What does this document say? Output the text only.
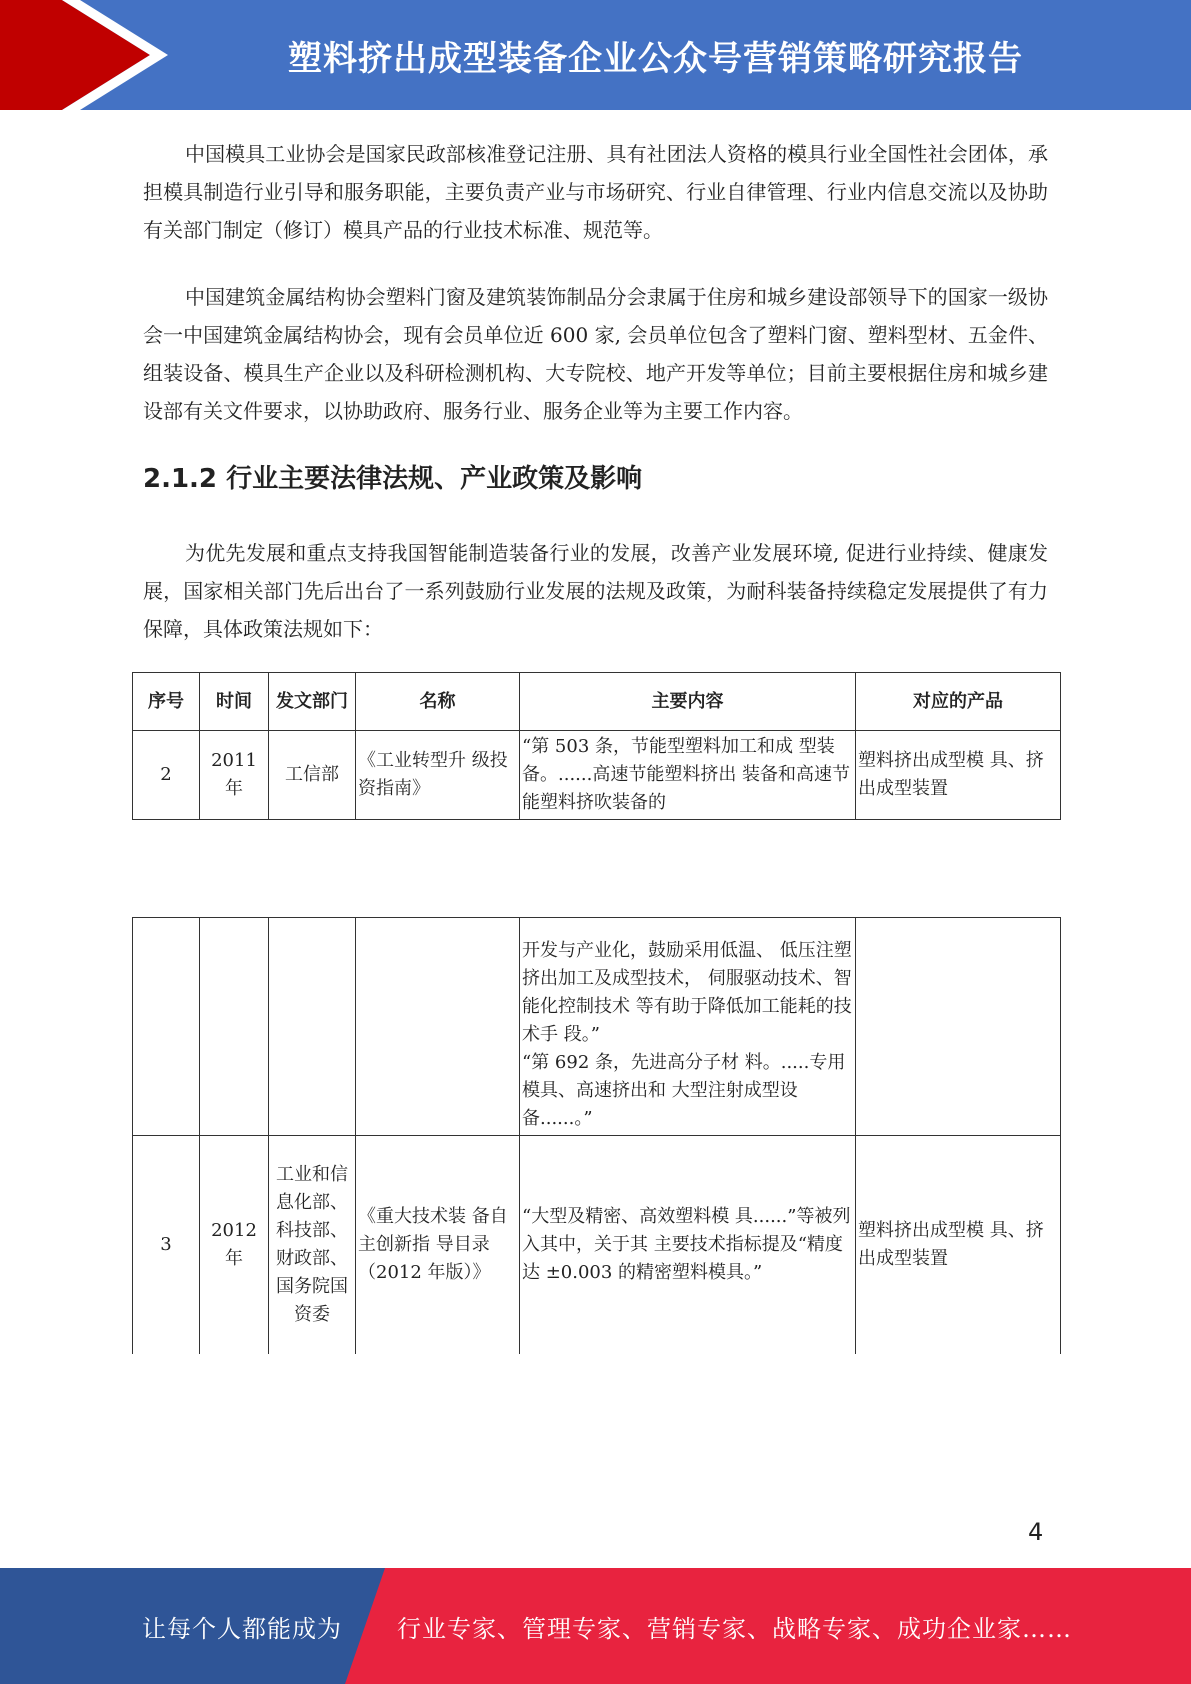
塑料挤出成型装备企业公众号营销策略研究报告

中国模具工业协会是国家民政部核准登记注册、具有社团法人资格的模具行业全国性社会团体，承担模具制造行业引导和服务职能，主要负责产业与市场研究、行业自律管理、行业内信息交流以及协助有关部门制定（修订）模具产品的行业技术标准、规范等。

中国建筑金属结构协会塑料门窗及建筑装饰制品分会隶属于住房和城乡建设部领导下的国家一级协会一中国建筑金属结构协会，现有会员单位近 600 家, 会员单位包含了塑料门窗、塑料型材、五金件、组装设备、模具生产企业以及科研检测机构、大专院校、地产开发等单位；目前主要根据住房和城乡建设部有关文件要求，以协助政府、服务行业、服务企业等为主要工作内容。

2.1.2 行业主要法律法规、产业政策及影响

为优先发展和重点支持我国智能制造装备行业的发展，改善产业发展环境, 促进行业持续、健康发展，国家相关部门先后出台了一系列鼓励行业发展的法规及政策，为耐科装备持续稳定发展提供了有力保障，具体政策法规如下：

序号	时间	发文部门	名称	主要内容	对应的产品
2	2011 年	工信部	《工业转型升 级投资指南》	“第 503 条，节能型塑料加工和成 型装备。......高速节能塑料挤出 装备和高速节能塑料挤吹装备的	塑料挤出成型模 具、挤出成型装置

				开发与产业化，鼓励采用低温、 低压注塑挤出加工及成型技术， 伺服驱动技术、智能化控制技术 等有助于降低加工能耗的技术手 段。”
“第 692 条，先进高分子材 料。.....专用模具、高速挤出和 大型注射成型设备......。”	

3	2012 年	工业和信息化部、科技部、财政部、国务院国资委	《重大技术装 备自主创新指 导目录（2012 年版）》	“大型及精密、高效塑料模 具......”等被列入其中，关于其 主要技术指标提及“精度达 ±0.003 的精密塑料模具。”	塑料挤出成型模 具、挤出成型装置
4
让每个人都能成为 行业专家、管理专家、营销专家、战略专家、成功企业家……
